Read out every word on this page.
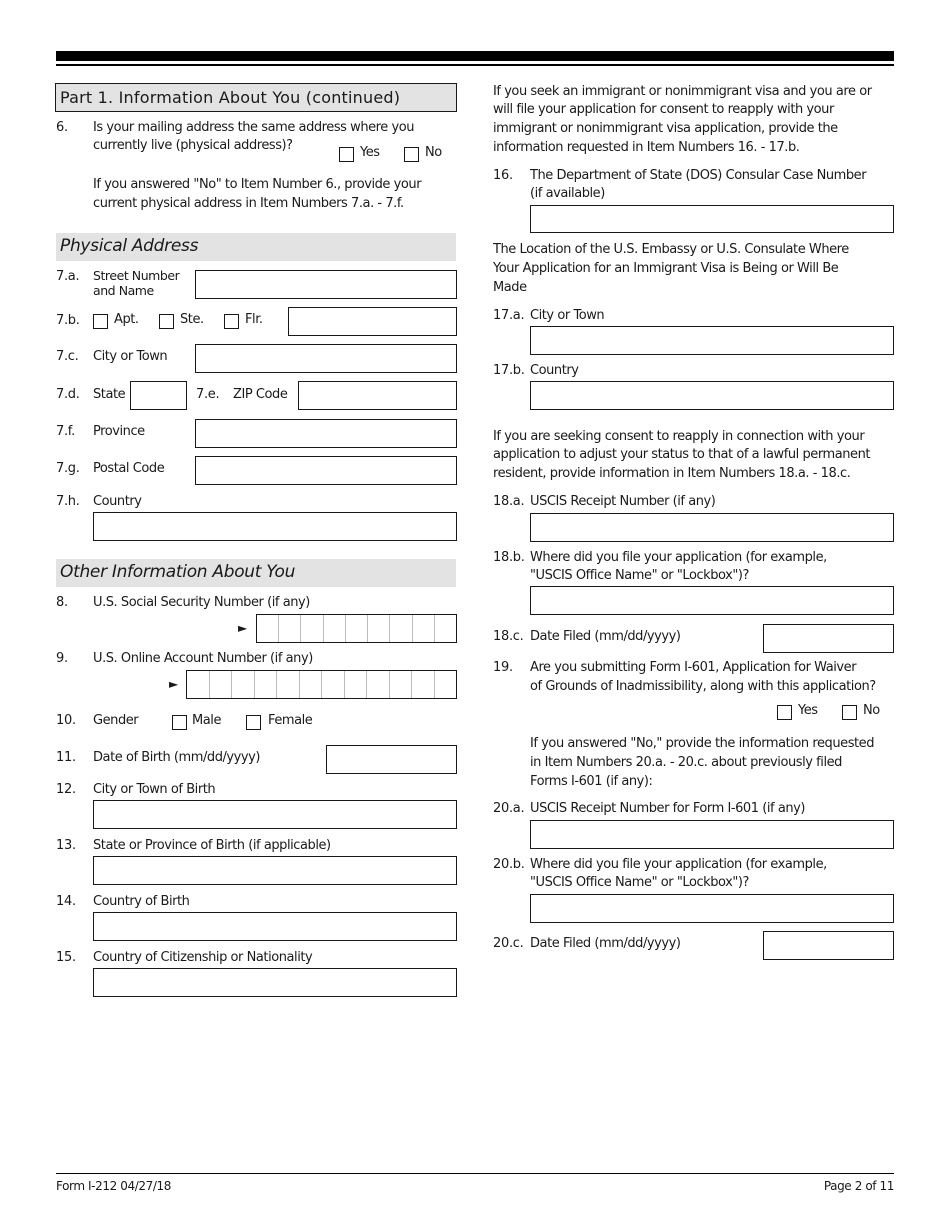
Part 1. Information About You (continued)
6. Is your mailing address the same address where you
currently live (physical address)?	Yes	No
If you answered "No" to Item Number 6., provide your
current physical address in Item Numbers 7.a. - 7.f.
Physical Address
7.a. Street Number
and Name
7.b.	Apt.	Ste.	Flr.
7.c. City or Town
7.d. State	7.e. ZIP Code
7.f. Province
7.g. Postal Code
7.h. Country
Other Information About You
8. U.S. Social Security Number (if any)
►
9. U.S. Online Account Number (if any)
►
10. Gender	Male	Female
11. Date of Birth (mm/dd/yyyy)
12. City or Town of Birth
13. State or Province of Birth (if applicable)
14. Country of Birth
15. Country of Citizenship or Nationality
If you seek an immigrant or nonimmigrant visa and you are or
will file your application for consent to reapply with your
immigrant or nonimmigrant visa application, provide the
information requested in Item Numbers 16. - 17.b.
16. The Department of State (DOS) Consular Case Number
(if available)
The Location of the U.S. Embassy or U.S. Consulate Where
Your Application for an Immigrant Visa is Being or Will Be
Made
17.a. City or Town
17.b. Country
If you are seeking consent to reapply in connection with your
application to adjust your status to that of a lawful permanent
resident, provide information in Item Numbers 18.a. - 18.c.
18.a. USCIS Receipt Number (if any)
18.b. Where did you file your application (for example,
"USCIS Office Name" or "Lockbox")?
18.c. Date Filed (mm/dd/yyyy)
19. Are you submitting Form I-601, Application for Waiver
of Grounds of Inadmissibility, along with this application?
Yes	No
If you answered "No," provide the information requested
in Item Numbers 20.a. - 20.c. about previously filed
Forms I-601 (if any):
20.a. USCIS Receipt Number for Form I-601 (if any)
20.b. Where did you file your application (for example,
"USCIS Office Name" or "Lockbox")?
20.c. Date Filed (mm/dd/yyyy)
Form I-212 04/27/18	Page 2 of 11
